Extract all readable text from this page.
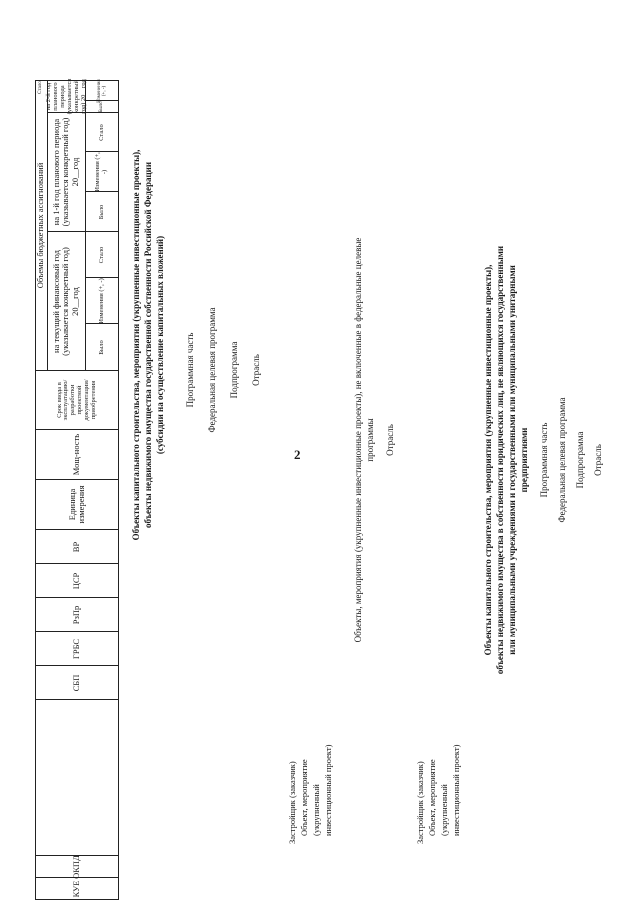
2
КУЕ
ОКПД
СБП
ГРБС
РзПр
ЦСР
ВР
Единица измерения
Мощ-ность
Срок ввода в эксплуатацию/ разработки проектной документации/ приобретения
Объемы бюджетных ассигнований
на текущий финансовый год (указывается конкретный год) 20__год
на 1-й год планового периода (указывается конкретный год) 20__год
на 2-й год планового периода (указывается конкретный год) 20__год
Было
Изменения (+, -)
Стало
Было
Изменения (+, -)
Стало
Было
Изменения (+, -)
Стало
Объекты капитального строительства, мероприятия (укрупненные инвестиционные проекты), объекты недвижимого имущества государственной собственности Российской Федерации (субсидии на осуществление капитальных вложений) Программная часть Федеральная целевая программа Подпрограмма Отрасль
Застройщик (заказчик) Объект, мероприятие (укрупненный инвестиционный проект)
Объекты, мероприятия (укрупненные инвестиционные проекты), не включенные в федеральные целевые программы Отрасль
Застройщик (заказчик) Объект, мероприятие (укрупненный инвестиционный проект)
Объекты капитального строительства, мероприятия (укрупненные инвестиционные проекты), объекты недвижимого имущества в собственности юридических лиц, не являющихся государственными или муниципальными учреждениями и государственными или муниципальными унитарными предприятиями Программная часть Федеральная целевая программа Подпрограмма Отрасль
